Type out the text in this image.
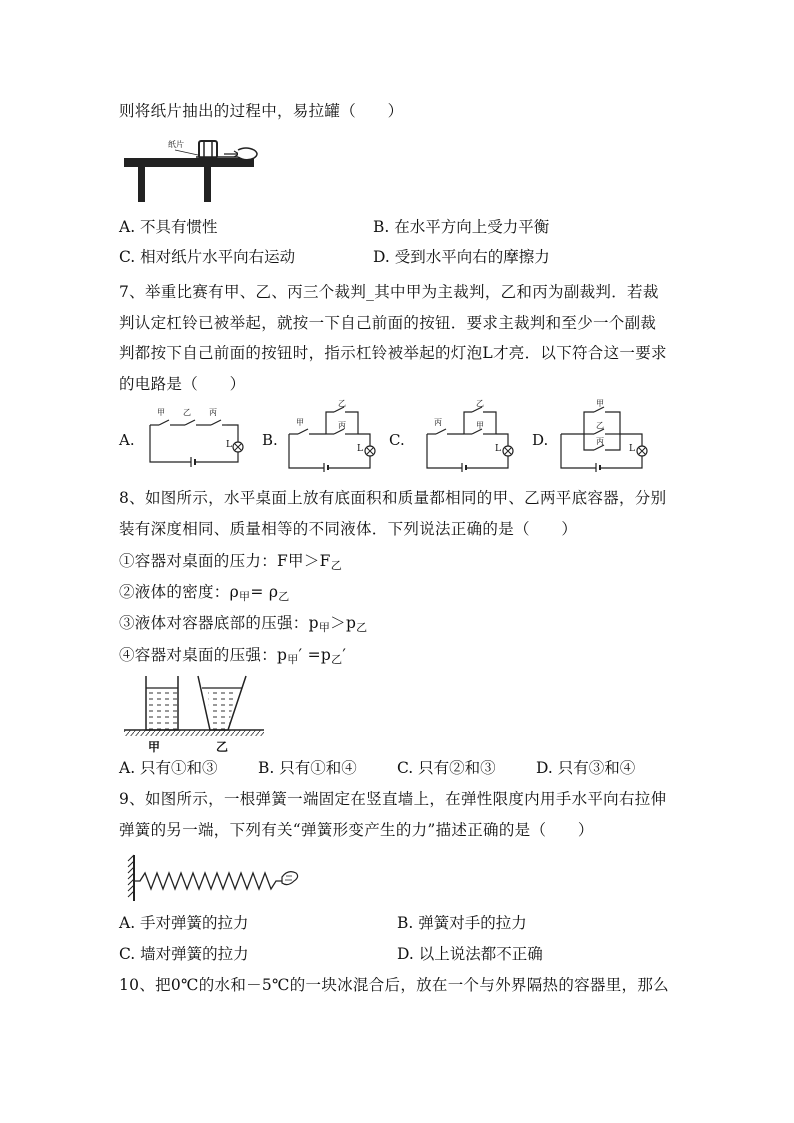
则将纸片抽出的过程中，易拉罐（　　）
纸片
A. 不具有惯性	B. 在水平方向上受力平衡
C. 相对纸片水平向右运动	D. 受到水平向右的摩擦力
7、举重比赛有甲、乙、丙三个裁判_其中甲为主裁判，乙和丙为副裁判．若裁
判认定杠铃已被举起，就按一下自己前面的按钮．要求主裁判和至少一个副裁
判都按下自己前面的按钮时，指示杠铃被举起的灯泡L才亮．以下符合这一要求
的电路是（　　）
A.
甲 乙 丙
L B.
甲
乙
丙
L C.
丙
乙
甲
L D.
甲
乙
丙
L
8、如图所示，水平桌面上放有底面积和质量都相同的甲、乙两平底容器，分别
装有深度相同、质量相等的不同液体．下列说法正确的是（　　）
①容器对桌面的压力：F甲$>F_乙$
②液体的密度：$\rho_甲= \rho_乙$
③液体对容器底部的压强：$p_甲>p_乙$
④容器对桌面的压强：$p_甲' =p_乙'$
甲	乙
A. 只有①和③	B. 只有①和④	C. 只有②和③	D. 只有③和④
9、如图所示，一根弹簧一端固定在竖直墙上，在弹性限度内用手水平向右拉伸
弹簧的另一端，下列有关“弹簧形变产生的力”描述正确的是（　　）
A. 手对弹簧的拉力	B. 弹簧对手的拉力
C. 墙对弹簧的拉力	D. 以上说法都不正确
10、把0℃的水和－5℃的一块冰混合后，放在一个与外界隔热的容器里，那么
